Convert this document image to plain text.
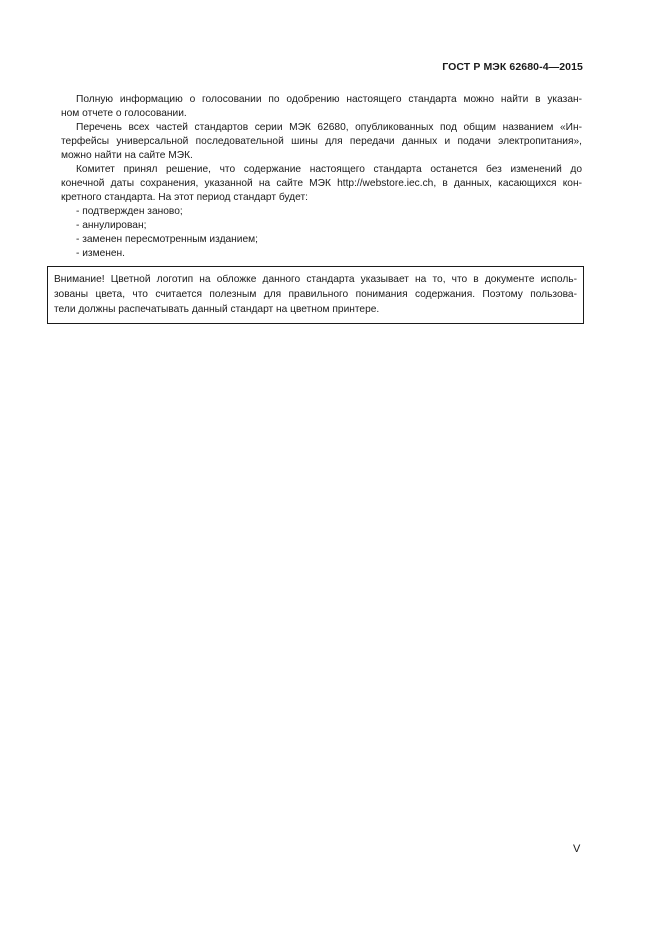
ГОСТ Р МЭК 62680-4—2015

Полную информацию о голосовании по одобрению настоящего стандарта можно найти в указан-
ном отчете о голосовании.

Перечень всех частей стандартов серии МЭК 62680, опубликованных под общим названием «Ин-
терфейсы универсальной последовательной шины для передачи данных и подачи электропитания»,
можно найти на сайте МЭК.

Комитет принял решение, что содержание настоящего стандарта останется без изменений до
конечной даты сохранения, указанной на сайте МЭК http://webstore.iec.ch, в данных, касающихся кон-
кретного стандарта. На этот период стандарт будет:

- подтвержден заново;
- аннулирован;
- заменен пересмотренным изданием;
- изменен.
Внимание! Цветной логотип на обложке данного стандарта указывает на то, что в документе исполь-
зованы цвета, что считается полезным для правильного понимания содержания. Поэтому пользова-
тели должны распечатывать данный стандарт на цветном принтере.
V
